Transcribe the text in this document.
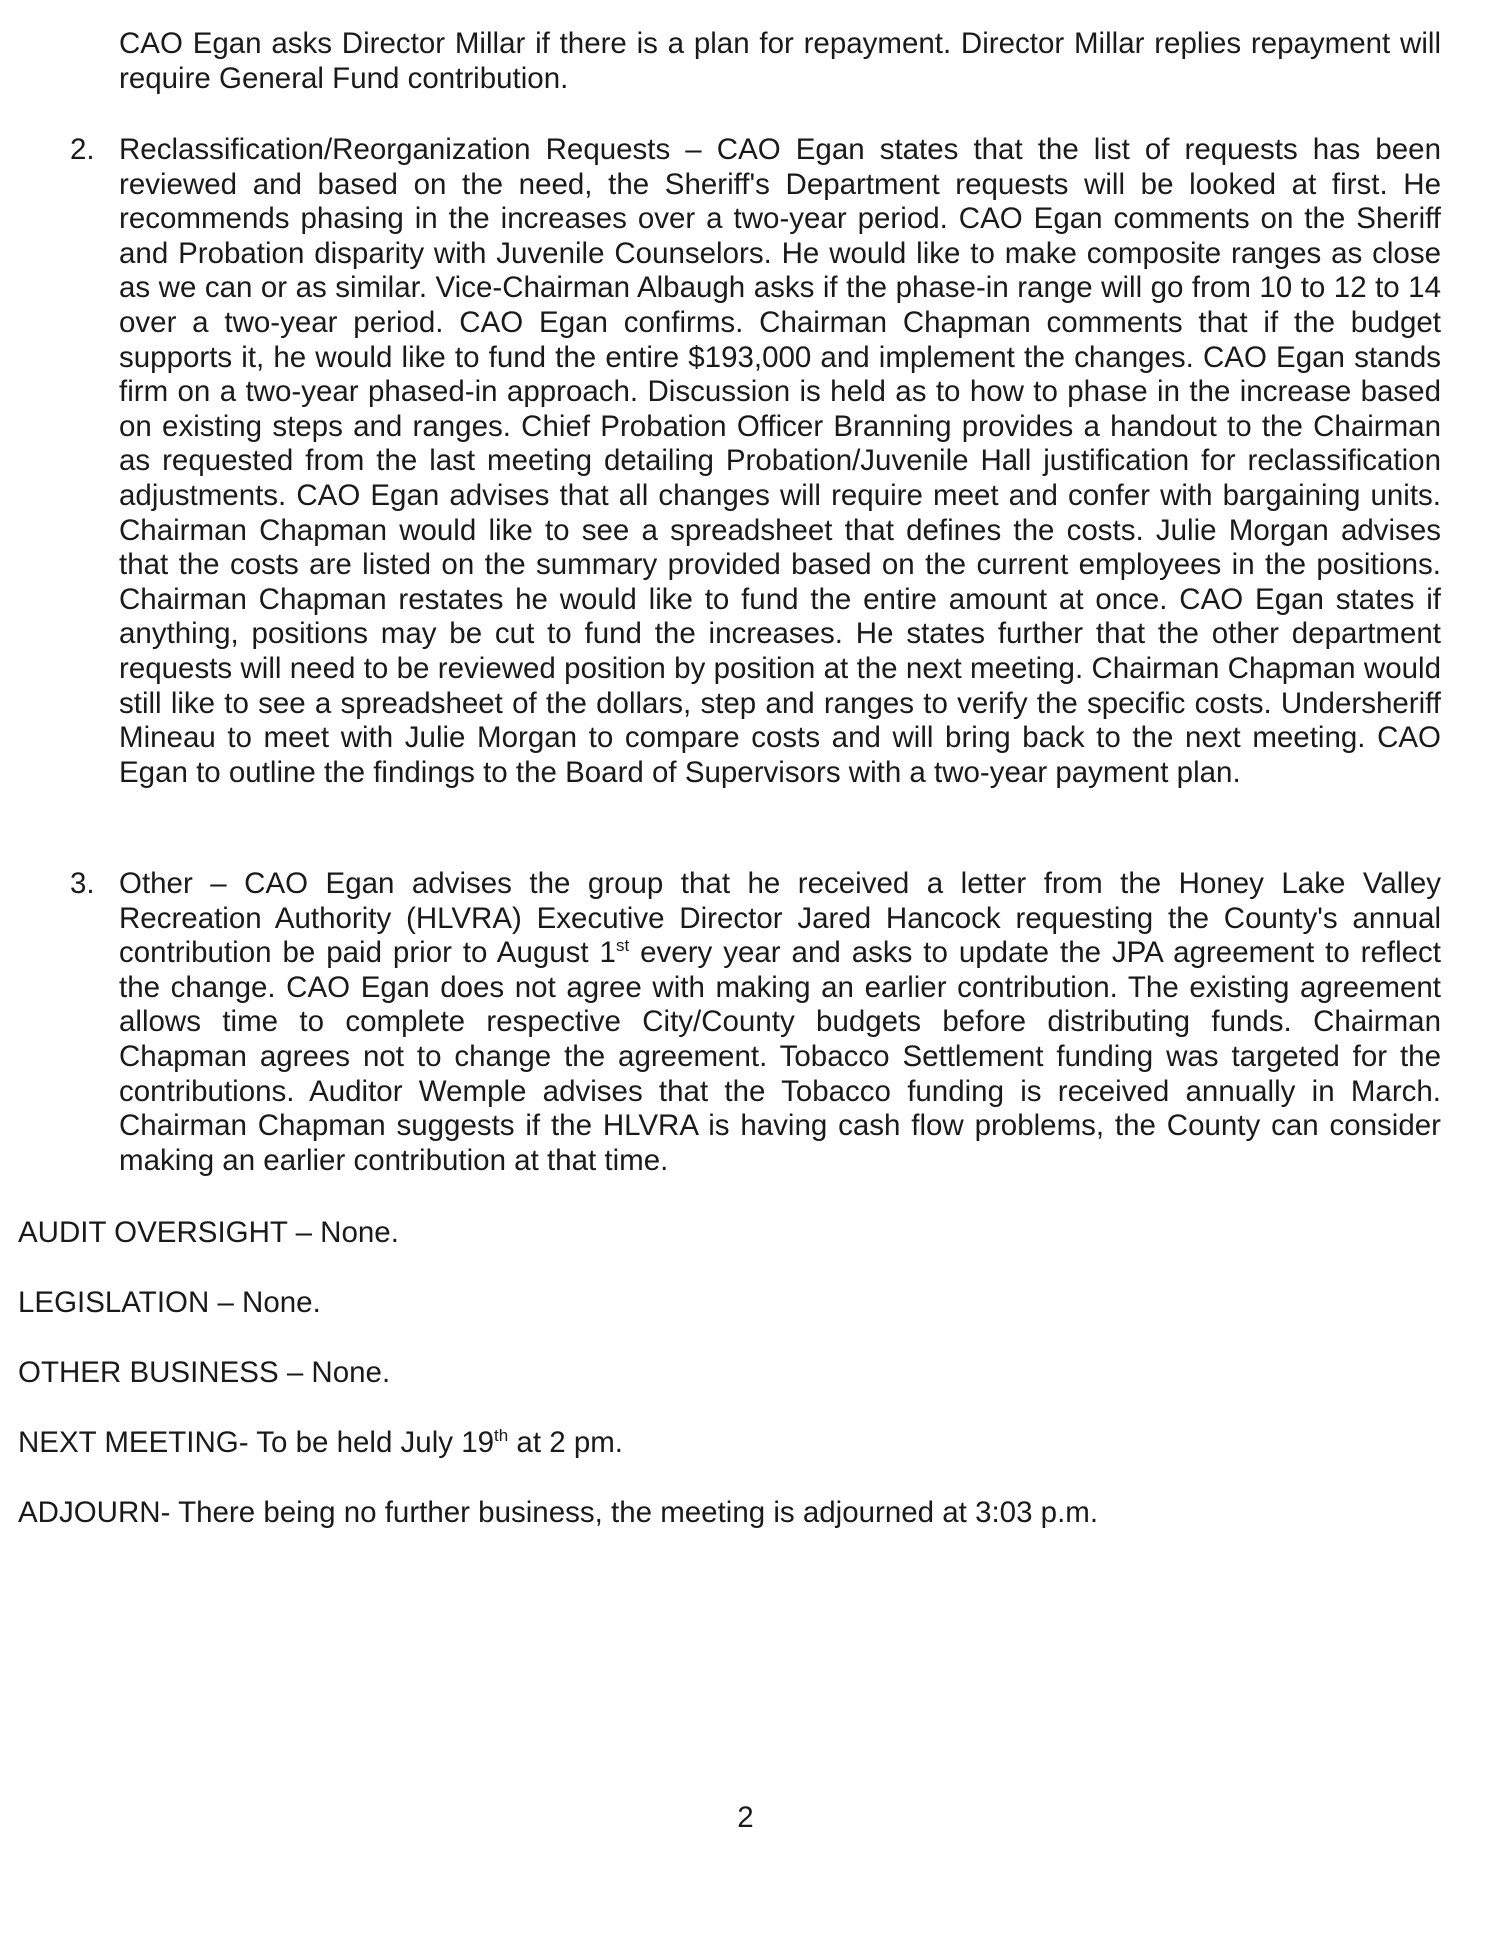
CAO Egan asks Director Millar if there is a plan for repayment. Director Millar replies repayment will require General Fund contribution.

2. Reclassification/Reorganization Requests – CAO Egan states that the list of requests has been reviewed and based on the need, the Sheriff's Department requests will be looked at first. He recommends phasing in the increases over a two-year period. CAO Egan comments on the Sheriff and Probation disparity with Juvenile Counselors. He would like to make composite ranges as close as we can or as similar. Vice-Chairman Albaugh asks if the phase-in range will go from 10 to 12 to 14 over a two-year period. CAO Egan confirms. Chairman Chapman comments that if the budget supports it, he would like to fund the entire $193,000 and implement the changes. CAO Egan stands firm on a two-year phased-in approach. Discussion is held as to how to phase in the increase based on existing steps and ranges. Chief Probation Officer Branning provides a handout to the Chairman as requested from the last meeting detailing Probation/Juvenile Hall justification for reclassification adjustments. CAO Egan advises that all changes will require meet and confer with bargaining units. Chairman Chapman would like to see a spreadsheet that defines the costs. Julie Morgan advises that the costs are listed on the summary provided based on the current employees in the positions. Chairman Chapman restates he would like to fund the entire amount at once. CAO Egan states if anything, positions may be cut to fund the increases. He states further that the other department requests will need to be reviewed position by position at the next meeting. Chairman Chapman would still like to see a spreadsheet of the dollars, step and ranges to verify the specific costs. Undersheriff Mineau to meet with Julie Morgan to compare costs and will bring back to the next meeting. CAO Egan to outline the findings to the Board of Supervisors with a two-year payment plan.

3. Other – CAO Egan advises the group that he received a letter from the Honey Lake Valley Recreation Authority (HLVRA) Executive Director Jared Hancock requesting the County's annual contribution be paid prior to August 1st every year and asks to update the JPA agreement to reflect the change. CAO Egan does not agree with making an earlier contribution. The existing agreement allows time to complete respective City/County budgets before distributing funds. Chairman Chapman agrees not to change the agreement. Tobacco Settlement funding was targeted for the contributions. Auditor Wemple advises that the Tobacco funding is received annually in March. Chairman Chapman suggests if the HLVRA is having cash flow problems, the County can consider making an earlier contribution at that time.

AUDIT OVERSIGHT – None.

LEGISLATION – None.

OTHER BUSINESS – None.

NEXT MEETING- To be held July 19th at 2 pm.

ADJOURN- There being no further business, the meeting is adjourned at 3:03 p.m.

2
